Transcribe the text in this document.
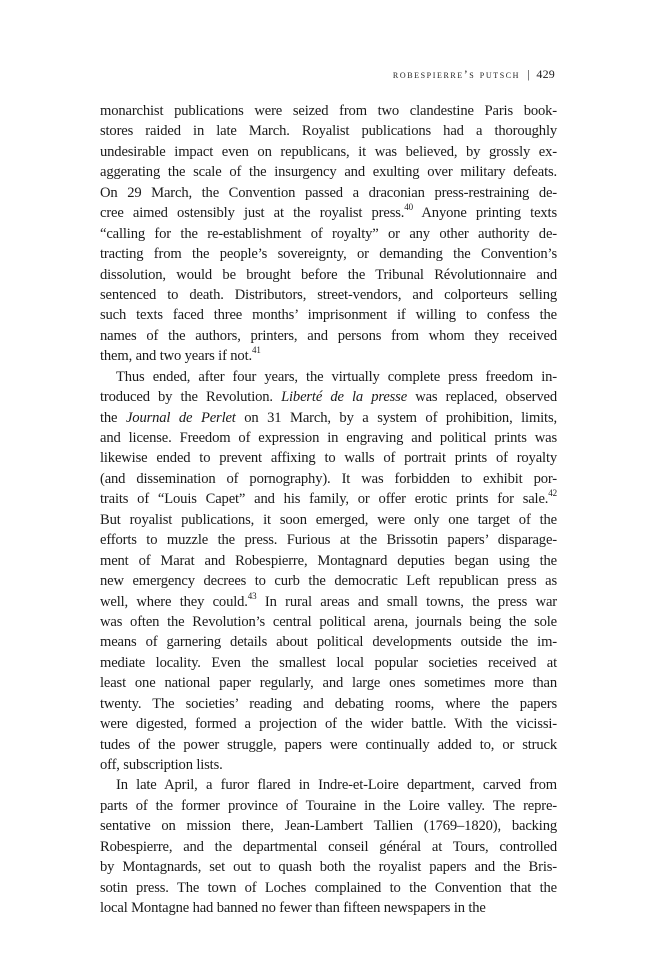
robespierre’s putsch | 429
monarchist publications were seized from two clandestine Paris book-
stores raided in late March. Royalist publications had a thoroughly
undesirable impact even on republicans, it was believed, by grossly ex-
aggerating the scale of the insurgency and exulting over military defeats.
On 29 March, the Convention passed a draconian press-restraining de-
cree aimed ostensibly just at the royalist press.$^{40}$ Anyone printing texts
“calling for the re-establishment of royalty” or any other authority de-
tracting from the people’s sovereignty, or demanding the Convention’s
dissolution, would be brought before the Tribunal Révolutionnaire and
sentenced to death. Distributors, street-vendors, and colporteurs selling
such texts faced three months’ imprisonment if willing to confess the
names of the authors, printers, and persons from whom they received
them, and two years if not.$^{41}$
Thus ended, after four years, the virtually complete press freedom in-
troduced by the Revolution. Liberté de la presse was replaced, observed
the Journal de Perlet on 31 March, by a system of prohibition, limits,
and license. Freedom of expression in engraving and political prints was
likewise ended to prevent affixing to walls of portrait prints of royalty
(and dissemination of pornography). It was forbidden to exhibit por-
traits of “Louis Capet” and his family, or offer erotic prints for sale.$^{42}$
But royalist publications, it soon emerged, were only one target of the
efforts to muzzle the press. Furious at the Brissotin papers’ disparage-
ment of Marat and Robespierre, Montagnard deputies began using the
new emergency decrees to curb the democratic Left republican press as
well, where they could.$^{43}$ In rural areas and small towns, the press war
was often the Revolution’s central political arena, journals being the sole
means of garnering details about political developments outside the im-
mediate locality. Even the smallest local popular societies received at
least one national paper regularly, and large ones sometimes more than
twenty. The societies’ reading and debating rooms, where the papers
were digested, formed a projection of the wider battle. With the vicissi-
tudes of the power struggle, papers were continually added to, or struck
off, subscription lists.
In late April, a furor flared in Indre-et-Loire department, carved from
parts of the former province of Touraine in the Loire valley. The repre-
sentative on mission there, Jean-Lambert Tallien (1769–1820), backing
Robespierre, and the departmental conseil général at Tours, controlled
by Montagnards, set out to quash both the royalist papers and the Bris-
sotin press. The town of Loches complained to the Convention that the
local Montagne had banned no fewer than fifteen newspapers in the
